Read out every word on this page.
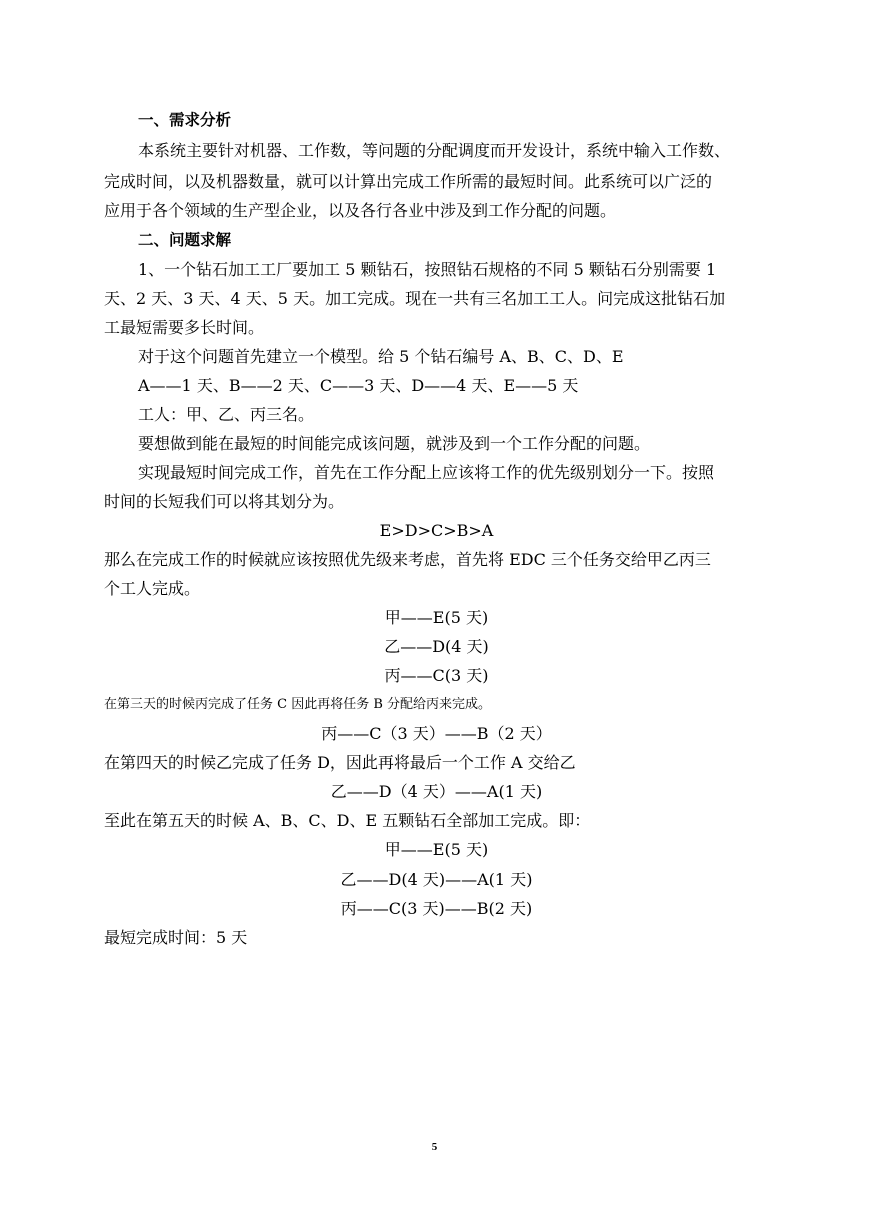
一、需求分析
本系统主要针对机器、工作数，等问题的分配调度而开发设计，系统中输入工作数、
完成时间，以及机器数量，就可以计算出完成工作所需的最短时间。此系统可以广泛的
应用于各个领域的生产型企业，以及各行各业中涉及到工作分配的问题。
二、问题求解
1、一个钻石加工工厂要加工 5 颗钻石，按照钻石规格的不同 5 颗钻石分别需要 1
天、2 天、3 天、4 天、5 天。加工完成。现在一共有三名加工工人。问完成这批钻石加
工最短需要多长时间。
对于这个问题首先建立一个模型。给 5 个钻石编号 A、B、C、D、E
A——1 天、B——2 天、C——3 天、D——4 天、E——5 天
工人：甲、乙、丙三名。
要想做到能在最短的时间能完成该问题，就涉及到一个工作分配的问题。
实现最短时间完成工作，首先在工作分配上应该将工作的优先级别划分一下。按照
时间的长短我们可以将其划分为。
E>D>C>B>A
那么在完成工作的时候就应该按照优先级来考虑，首先将 EDC 三个任务交给甲乙丙三
个工人完成。
甲——E(5 天)
乙——D(4 天)
丙——C(3 天)
在第三天的时候丙完成了任务 C 因此再将任务 B 分配给丙来完成。
丙——C（3 天）——B（2 天）
在第四天的时候乙完成了任务 D，因此再将最后一个工作 A 交给乙
乙——D（4 天）——A(1 天)
至此在第五天的时候 A、B、C、D、E 五颗钻石全部加工完成。即：
甲——E(5 天)
乙——D(4 天)——A(1 天)
丙——C(3 天)——B(2 天)
最短完成时间：5 天
5
